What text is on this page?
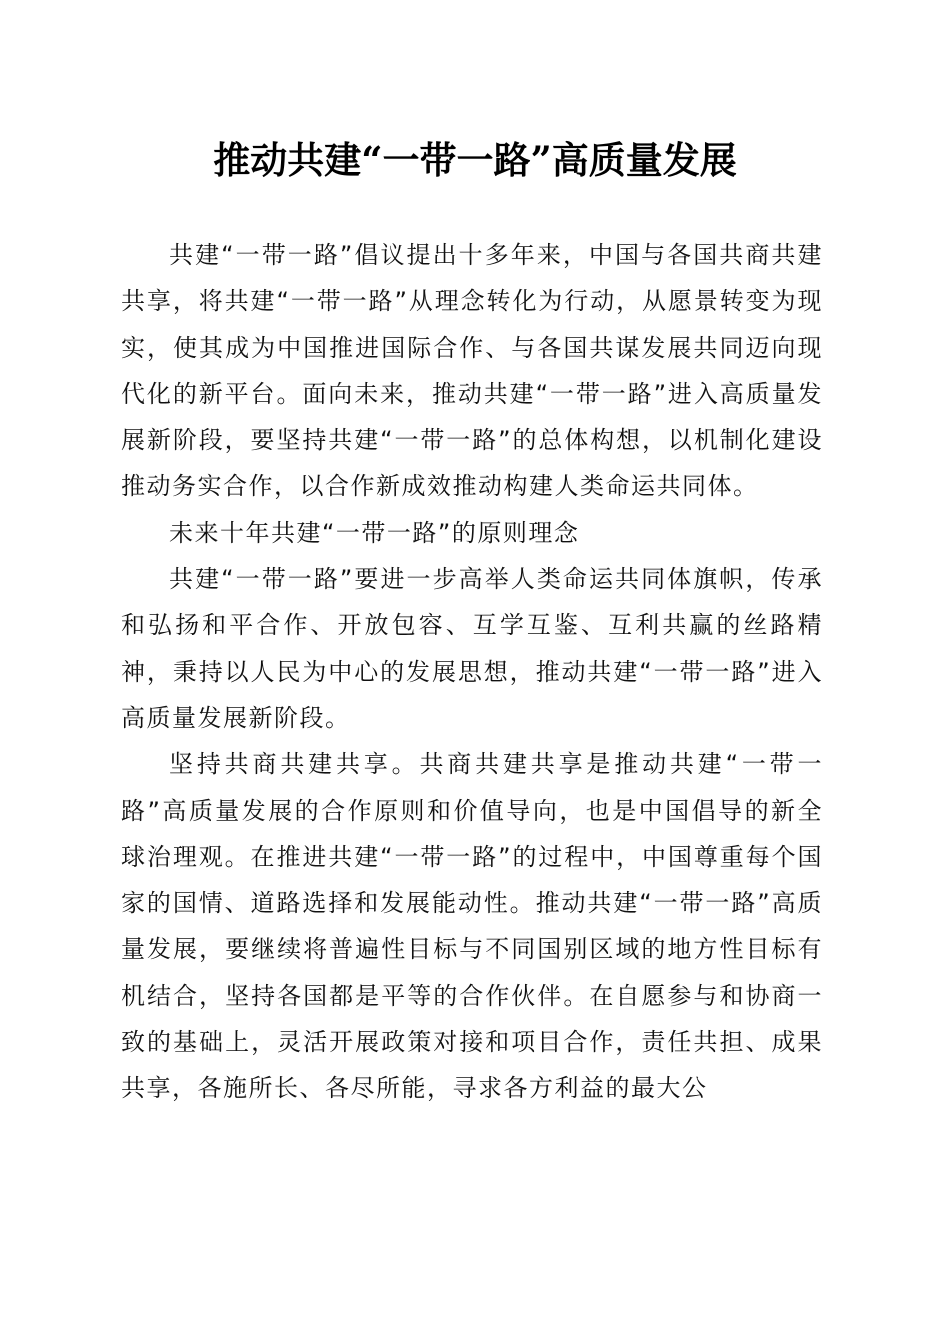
推动共建“一带一路”高质量发展

共建“一带一路”倡议提出十多年来，中国与各国共商共建共享，将共建“一带一路”从理念转化为行动，从愿景转变为现实，使其成为中国推进国际合作、与各国共谋发展共同迈向现代化的新平台。面向未来，推动共建“一带一路”进入高质量发展新阶段，要坚持共建“一带一路”的总体构想，以机制化建设推动务实合作，以合作新成效推动构建人类命运共同体。

未来十年共建“一带一路”的原则理念

共建“一带一路”要进一步高举人类命运共同体旗帜，传承和弘扬和平合作、开放包容、互学互鉴、互利共赢的丝路精神，秉持以人民为中心的发展思想，推动共建“一带一路”进入高质量发展新阶段。

坚持共商共建共享。共商共建共享是推动共建“一带一路”高质量发展的合作原则和价值导向，也是中国倡导的新全球治理观。在推进共建“一带一路”的过程中，中国尊重每个国家的国情、道路选择和发展能动性。推动共建“一带一路”高质量发展，要继续将普遍性目标与不同国别区域的地方性目标有机结合，坚持各国都是平等的合作伙伴。在自愿参与和协商一致的基础上，灵活开展政策对接和项目合作，责任共担、成果共享，各施所长、各尽所能，寻求各方利益的最大公
